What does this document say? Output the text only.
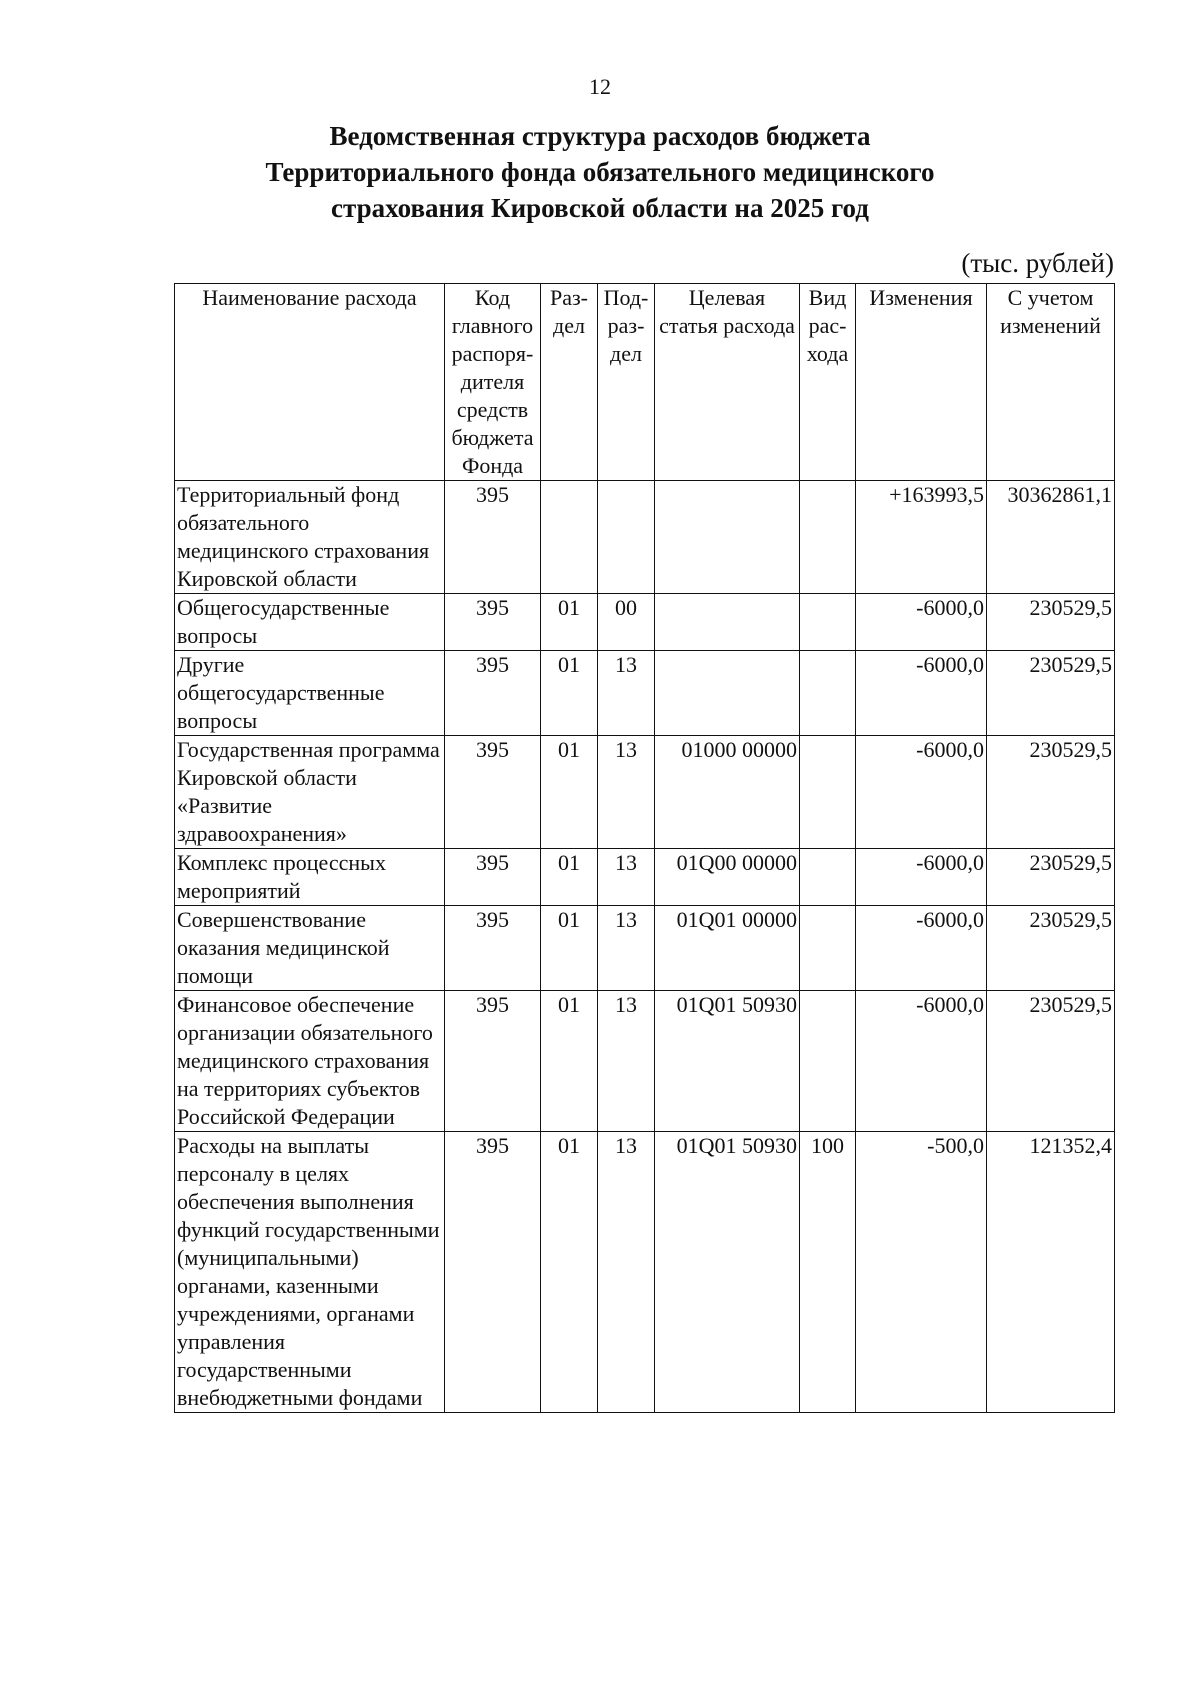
12
Ведомственная структура расходов бюджета
Территориального фонда обязательного медицинского
страхования Кировской области на 2025 год
(тыс. рублей)
Наименование расхода	Код главного распоря-дителя средств бюджета Фонда	Раз-дел	Под-раз-дел	Целевая статья расхода	Вид рас-хода	Изменения	С учетом изменений
Территориальный фонд обязательного медицинского страхования Кировской области	395					+163993,5	30362861,1
Общегосударственные вопросы	395	01	00			-6000,0	230529,5
Другие общегосударственные вопросы	395	01	13			-6000,0	230529,5
Государственная программа Кировской области «Развитие здравоохранения»	395	01	13	01000 00000		-6000,0	230529,5
Комплекс процессных мероприятий	395	01	13	01Q00 00000		-6000,0	230529,5
Совершенствование оказания медицинской помощи	395	01	13	01Q01 00000		-6000,0	230529,5
Финансовое обеспечение организации обязательного медицинского страхования на территориях субъектов Российской Федерации	395	01	13	01Q01 50930		-6000,0	230529,5
Расходы на выплаты персоналу в целях обеспечения выполнения функций государственными (муниципальными) органами, казенными учреждениями, органами управления государственными внебюджетными фондами	395	01	13	01Q01 50930	100	-500,0	121352,4
